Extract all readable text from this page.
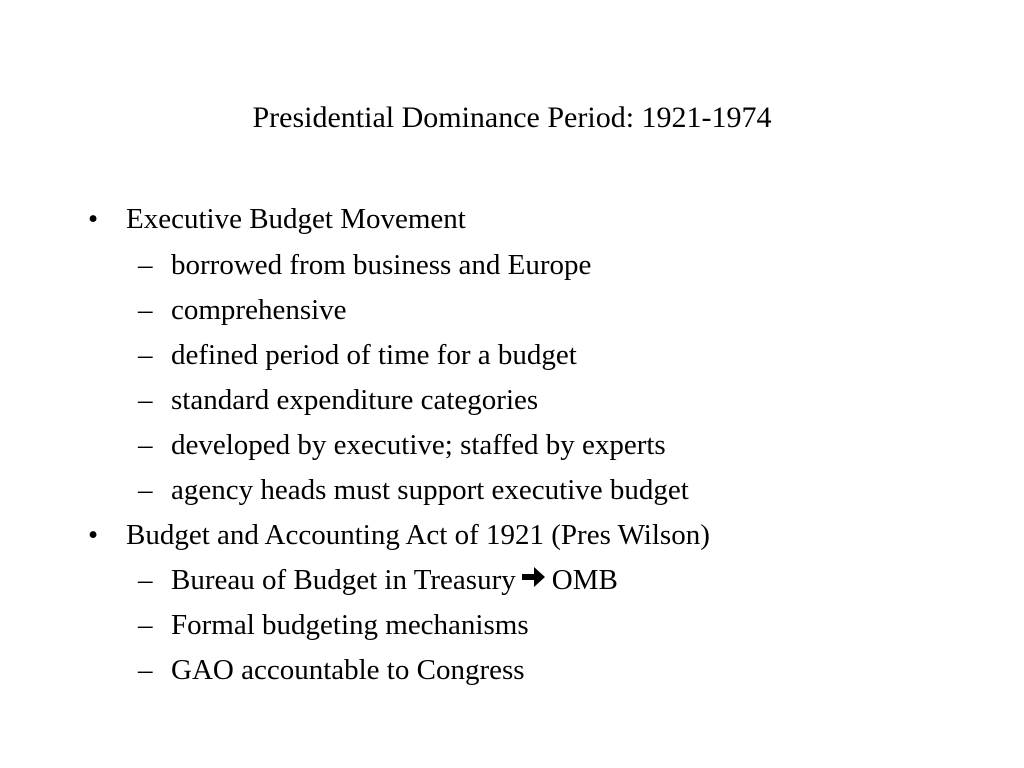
Presidential Dominance Period: 1921-1974
• Executive Budget Movement
– borrowed from business and Europe
– comprehensive
– defined period of time for a budget
– standard expenditure categories
– developed by executive; staffed by experts
– agency heads must support executive budget
• Budget and Accounting Act of 1921 (Pres Wilson)
– Bureau of Budget in Treasury OMB
– Formal budgeting mechanisms
– GAO accountable to Congress
